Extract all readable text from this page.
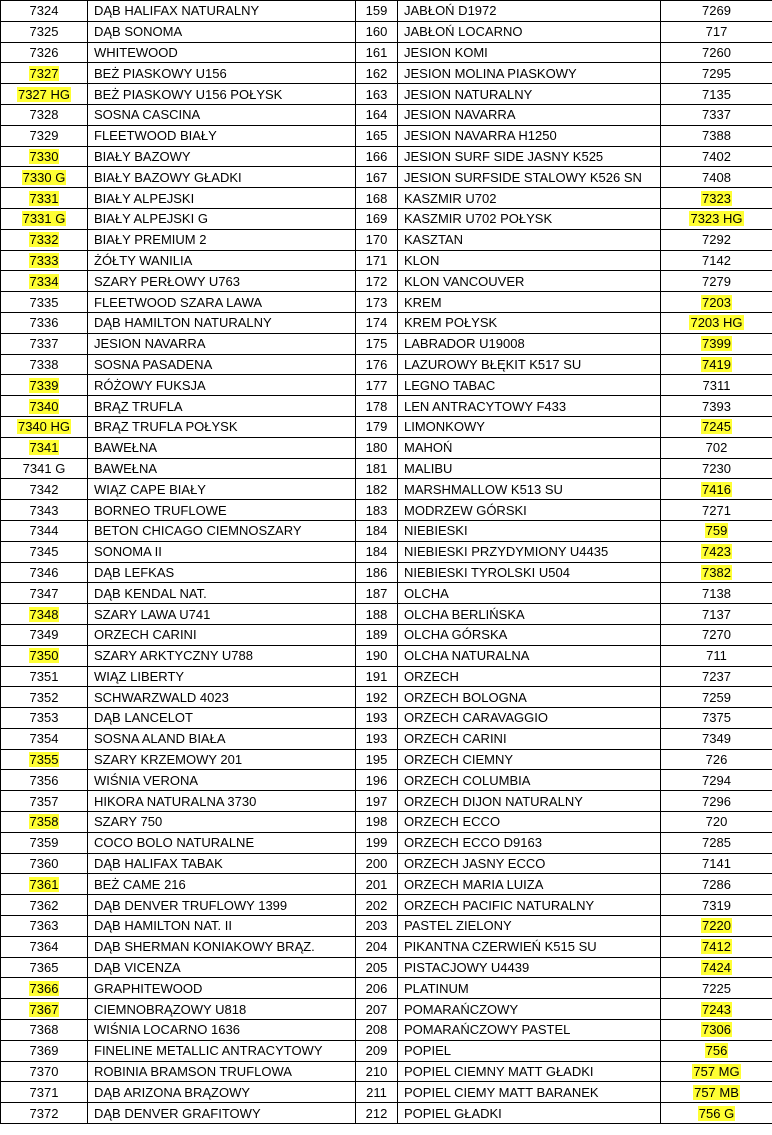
7324	DĄB HALIFAX NATURALNY	159	JABŁOŃ D1972	7269
7325	DĄB SONOMA	160	JABŁOŃ LOCARNO	717
7326	WHITEWOOD	161	JESION KOMI	7260
7327	BEŻ PIASKOWY U156	162	JESION MOLINA PIASKOWY	7295
7327 HG	BEŻ PIASKOWY U156 POŁYSK	163	JESION NATURALNY	7135
7328	SOSNA CASCINA	164	JESION NAVARRA	7337
7329	FLEETWOOD BIAŁY	165	JESION NAVARRA H1250	7388
7330	BIAŁY BAZOWY	166	JESION SURF SIDE JASNY K525	7402
7330 G	BIAŁY BAZOWY GŁADKI	167	JESION SURFSIDE STALOWY K526 SN	7408
7331	BIAŁY ALPEJSKI	168	KASZMIR U702	7323
7331 G	BIAŁY ALPEJSKI G	169	KASZMIR U702 POŁYSK	7323 HG
7332	BIAŁY PREMIUM 2	170	KASZTAN	7292
7333	ŻÓŁTY WANILIA	171	KLON	7142
7334	SZARY PERŁOWY U763	172	KLON VANCOUVER	7279
7335	FLEETWOOD SZARA LAWA	173	KREM	7203
7336	DĄB HAMILTON NATURALNY	174	KREM POŁYSK	7203 HG
7337	JESION NAVARRA	175	LABRADOR U19008	7399
7338	SOSNA PASADENA	176	LAZUROWY BŁĘKIT K517 SU	7419
7339	RÓŻOWY FUKSJA	177	LEGNO TABAC	7311
7340	BRĄZ TRUFLA	178	LEN ANTRACYTOWY F433	7393
7340 HG	BRĄZ TRUFLA POŁYSK	179	LIMONKOWY	7245
7341	BAWEŁNA	180	MAHOŃ	702
7341 G	BAWEŁNA	181	MALIBU	7230
7342	WIĄZ CAPE BIAŁY	182	MARSHMALLOW K513 SU	7416
7343	BORNEO TRUFLOWE	183	MODRZEW GÓRSKI	7271
7344	BETON CHICAGO CIEMNOSZARY	184	NIEBIESKI	759
7345	SONOMA II	184	NIEBIESKI PRZYDYMIONY U4435	7423
7346	DĄB LEFKAS	186	NIEBIESKI TYROLSKI U504	7382
7347	DĄB KENDAL NAT.	187	OLCHA	7138
7348	SZARY LAWA U741	188	OLCHA BERLIŃSKA	7137
7349	ORZECH CARINI	189	OLCHA GÓRSKA	7270
7350	SZARY ARKTYCZNY U788	190	OLCHA NATURALNA	711
7351	WIĄZ LIBERTY	191	ORZECH	7237
7352	SCHWARZWALD 4023	192	ORZECH BOLOGNA	7259
7353	DĄB LANCELOT	193	ORZECH CARAVAGGIO	7375
7354	SOSNA ALAND BIAŁA	193	ORZECH CARINI	7349
7355	SZARY KRZEMOWY 201	195	ORZECH CIEMNY	726
7356	WIŚNIA VERONA	196	ORZECH COLUMBIA	7294
7357	HIKORA NATURALNA 3730	197	ORZECH DIJON NATURALNY	7296
7358	SZARY 750	198	ORZECH ECCO	720
7359	COCO BOLO NATURALNE	199	ORZECH ECCO D9163	7285
7360	DĄB HALIFAX TABAK	200	ORZECH JASNY ECCO	7141
7361	BEŻ CAME 216	201	ORZECH MARIA LUIZA	7286
7362	DĄB DENVER TRUFLOWY 1399	202	ORZECH PACIFIC NATURALNY	7319
7363	DĄB HAMILTON NAT. II	203	PASTEL ZIELONY	7220
7364	DĄB SHERMAN KONIAKOWY BRĄZ.	204	PIKANTNA CZERWIEŃ K515 SU	7412
7365	DĄB VICENZA	205	PISTACJOWY U4439	7424
7366	GRAPHITEWOOD	206	PLATINUM	7225
7367	CIEMNOBRĄZOWY U818	207	POMARAŃCZOWY	7243
7368	WIŚNIA LOCARNO 1636	208	POMARAŃCZOWY PASTEL	7306
7369	FINELINE METALLIC ANTRACYTOWY	209	POPIEL	756
7370	ROBINIA BRAMSON TRUFLOWA	210	POPIEL CIEMNY MATT GŁADKI	757 MG
7371	DĄB ARIZONA BRĄZOWY	211	POPIEL CIEMY MATT BARANEK	757 MB
7372	DĄB DENVER GRAFITOWY	212	POPIEL GŁADKI	756 G
